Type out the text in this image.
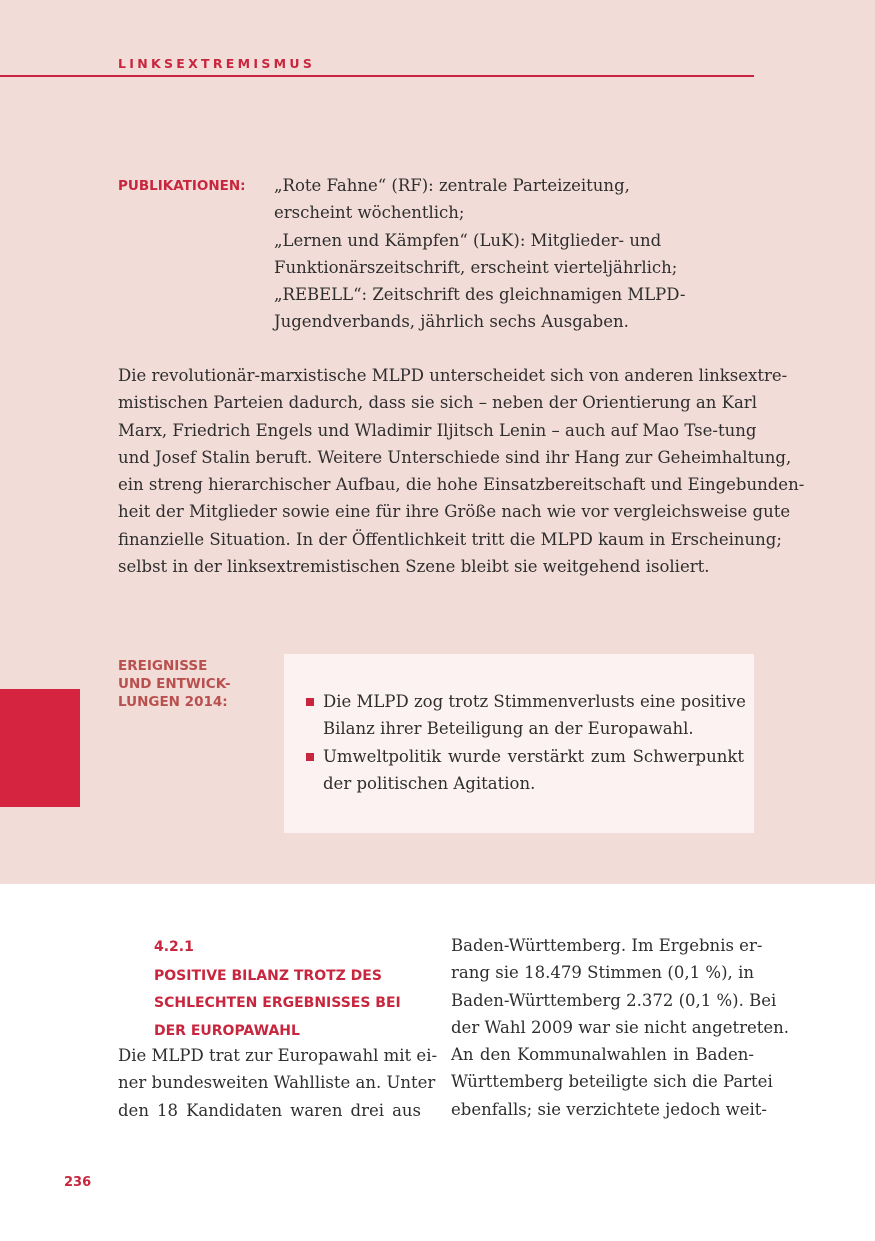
LINKSEXTREMISMUS
PUBLIKATIONEN: „Rote Fahne“ (RF): zentrale Parteizeitung,
erscheint wöchentlich;
„Lernen und Kämpfen“ (LuK): Mitglieder- und
Funktionärszeitschrift, erscheint vierteljährlich;
„REBELL“: Zeitschrift des gleichnamigen MLPD-
Jugendverbands, jährlich sechs Ausgaben.
Die revolutionär-marxistische MLPD unterscheidet sich von anderen linksextre-
mistischen Parteien dadurch, dass sie sich – neben der Orientierung an Karl
Marx, Friedrich Engels und Wladimir Iljitsch Lenin – auch auf Mao Tse-tung
und Josef Stalin beruft. Weitere Unterschiede sind ihr Hang zur Geheimhaltung,
ein streng hierarchischer Aufbau, die hohe Einsatzbereitschaft und Eingebunden-
heit der Mitglieder sowie eine für ihre Größe nach wie vor vergleichsweise gute
finanzielle Situation. In der Öffentlichkeit tritt die MLPD kaum in Erscheinung;
selbst in der linksextremistischen Szene bleibt sie weitgehend isoliert.
EREIGNISSE
UND ENTWICK-
LUNGEN 2014:	Die MLPD zog trotz Stimmenverlusts eine positive
Bilanz ihrer Beteiligung an der Europawahl.
Umweltpolitik wurde verstärkt zum Schwerpunkt
der politischen Agitation.
4.2.1
POSITIVE BILANZ TROTZ DES
SCHLECHTEN ERGEBNISSES BEI
DER EUROPAWAHL
Die MLPD trat zur Europawahl mit ei-
ner bundesweiten Wahlliste an. Unter
den 18 Kandidaten waren drei aus
Baden-Württemberg. Im Ergebnis er-
rang sie 18.479 Stimmen (0,1 %), in
Baden-Württemberg 2.372 (0,1 %). Bei
der Wahl 2009 war sie nicht angetreten.
An den Kommunalwahlen in Baden-
Württemberg beteiligte sich die Partei
ebenfalls; sie verzichtete jedoch weit-
236
